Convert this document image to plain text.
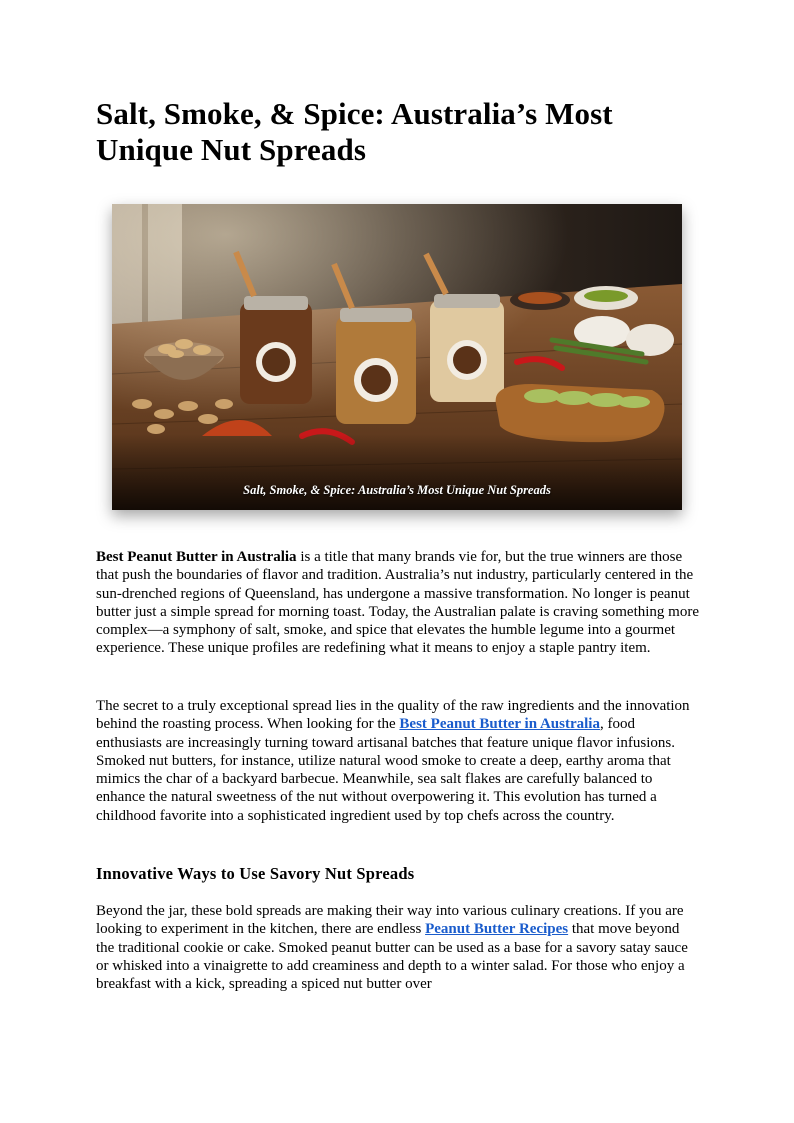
Salt, Smoke, & Spice: Australia’s Most Unique Nut Spreads
Salt, Smoke, & Spice: Australia’s Most Unique Nut Spreads

Best Peanut Butter in Australia is a title that many brands vie for, but the true winners are those that push the boundaries of flavor and tradition. Australia’s nut industry, particularly centered in the sun-drenched regions of Queensland, has undergone a massive transformation. No longer is peanut butter just a simple spread for morning toast. Today, the Australian palate is craving something more complex—a symphony of salt, smoke, and spice that elevates the humble legume into a gourmet experience. These unique profiles are redefining what it means to enjoy a staple pantry item.

The secret to a truly exceptional spread lies in the quality of the raw ingredients and the innovation behind the roasting process. When looking for the Best Peanut Butter in Australia, food enthusiasts are increasingly turning toward artisanal batches that feature unique flavor infusions. Smoked nut butters, for instance, utilize natural wood smoke to create a deep, earthy aroma that mimics the char of a backyard barbecue. Meanwhile, sea salt flakes are carefully balanced to enhance the natural sweetness of the nut without overpowering it. This evolution has turned a childhood favorite into a sophisticated ingredient used by top chefs across the country.

Innovative Ways to Use Savory Nut Spreads

Beyond the jar, these bold spreads are making their way into various culinary creations. If you are looking to experiment in the kitchen, there are endless Peanut Butter Recipes that move beyond the traditional cookie or cake. Smoked peanut butter can be used as a base for a savory satay sauce or whisked into a vinaigrette to add creaminess and depth to a winter salad. For those who enjoy a breakfast with a kick, spreading a spiced nut butter over
